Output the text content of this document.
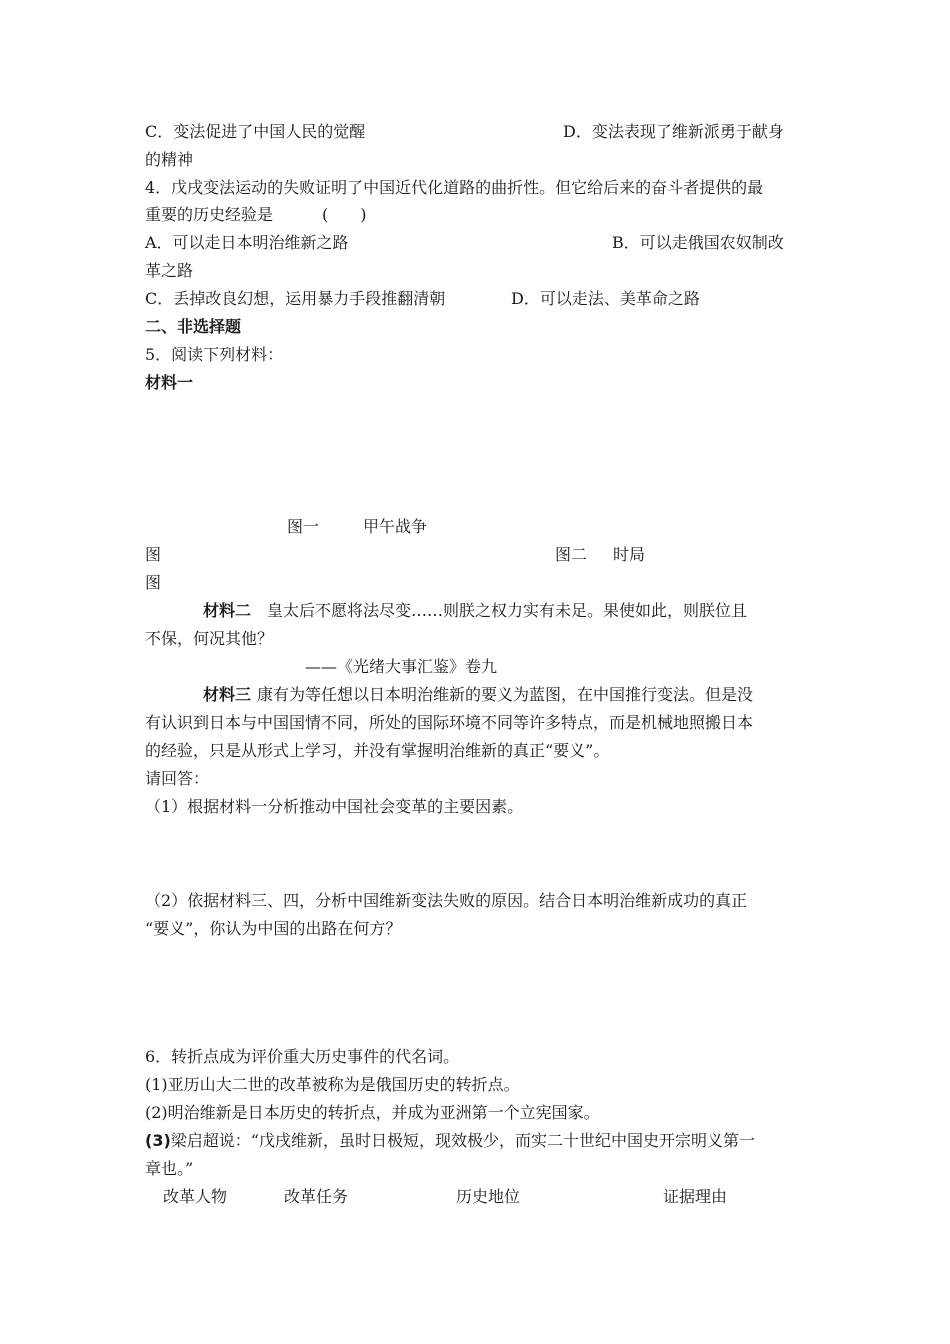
C．变法促进了中国人民的觉醒	D．变法表现了维新派勇于献身
的精神
4．戊戌变法运动的失败证明了中国近代化道路的曲折性。但它给后来的奋斗者提供的最
重要的历史经验是	(　　)
A．可以走日本明治维新之路	B．可以走俄国农奴制改
革之路
C．丢掉改良幻想，运用暴力手段推翻清朝	D．可以走法、美革命之路
二、非选择题
5．阅读下列材料：
材料一
图一	甲午战争
图	图二 时局
图
材料二 皇太后不愿将法尽变……则朕之权力实有未足。果使如此，则朕位且
不保，何况其他？
——《光绪大事汇鉴》卷九
材料三 康有为等任想以日本明治维新的要义为蓝图，在中国推行变法。但是没
有认识到日本与中国国情不同，所处的国际环境不同等许多特点，而是机械地照搬日本
的经验，只是从形式上学习，并没有掌握明治维新的真正“要义”。
请回答：
（1）根据材料一分析推动中国社会变革的主要因素。
（2）依据材料三、四，分析中国维新变法失败的原因。结合日本明治维新成功的真正
“要义”，你认为中国的出路在何方？
6．转折点成为评价重大历史事件的代名词。
(1)亚历山大二世的改革被称为是俄国历史的转折点。
(2)明治维新是日本历史的转折点，并成为亚洲第一个立宪国家。
(3)梁启超说：“戊戌维新，虽时日极短，现效极少，而实二十世纪中国史开宗明义第一
章也。”
改革人物	改革任务	历史地位	证据理由
